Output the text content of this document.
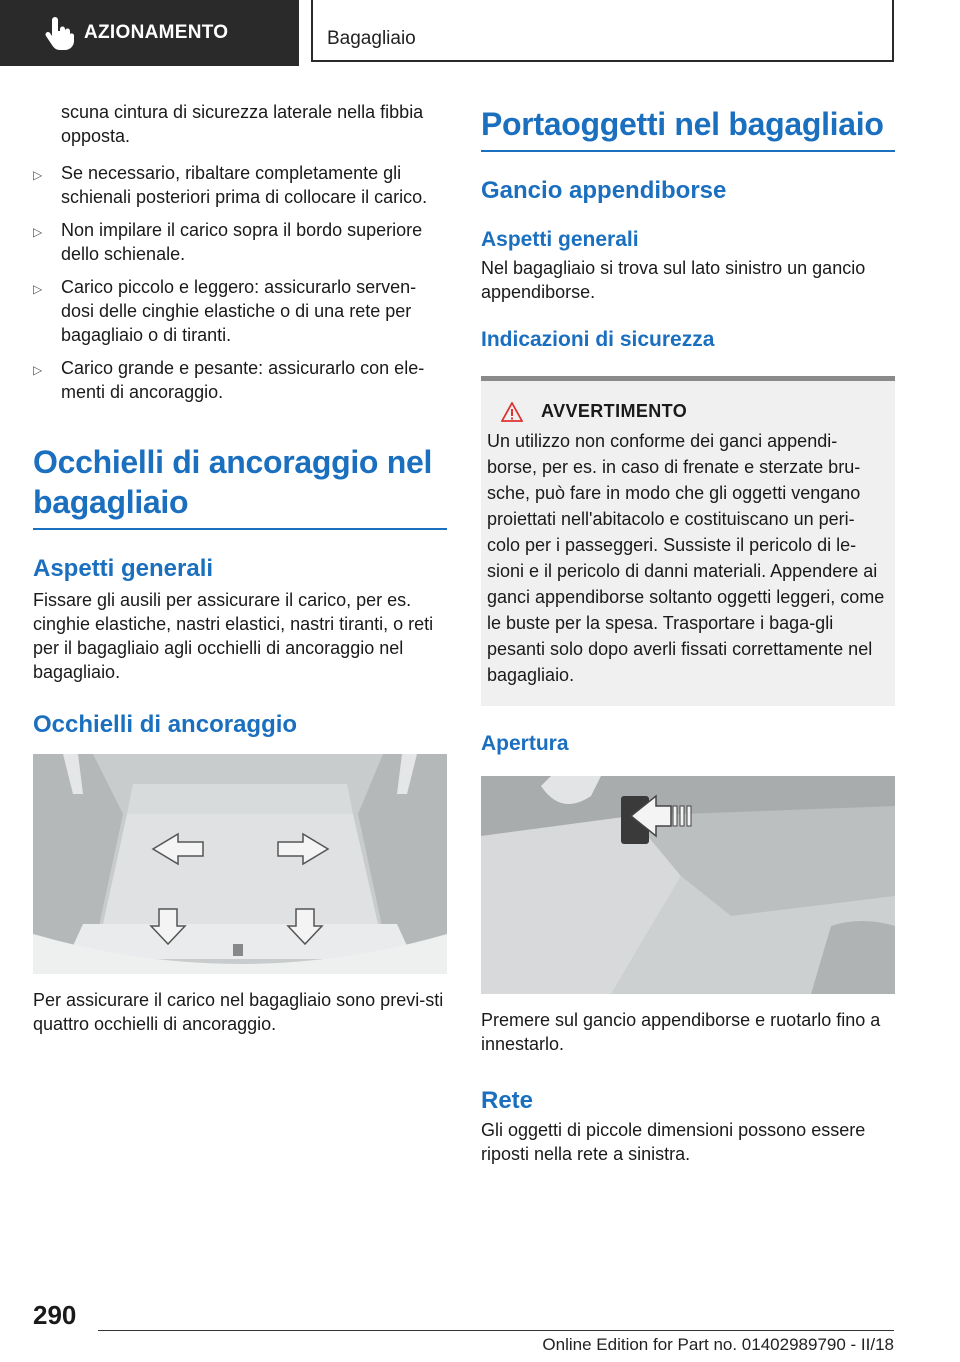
AZIONAMENTO	Bagagliaio

scuna cintura di sicurezza laterale nella fibbia opposta.

▷ Se necessario, ribaltare completamente gli schienali posteriori prima di collocare il carico.
▷ Non impilare il carico sopra il bordo superiore dello schienale.
▷ Carico piccolo e leggero: assicurarlo serven-dosi delle cinghie elastiche o di una rete per bagagliaio o di tiranti.
▷ Carico grande e pesante: assicurarlo con ele-menti di ancoraggio.
Occhielli di ancoraggio nel bagagliaio
Aspetti generali

Fissare gli ausili per assicurare il carico, per es. cinghie elastiche, nastri elastici, nastri tiranti, o reti per il bagagliaio agli occhielli di ancoraggio nel bagagliaio.

Occhielli di ancoraggio

Per assicurare il carico nel bagagliaio sono previ-sti quattro occhielli di ancoraggio.

Portaoggetti nel bagagliaio
Gancio appendiborse
Aspetti generali

Nel bagagliaio si trova sul lato sinistro un gancio appendiborse.

Indicazioni di sicurezza
AVVERTIMENTO

Un utilizzo non conforme dei ganci appendi-borse, per es. in caso di frenate e sterzate bru-sche, può fare in modo che gli oggetti vengano proiettati nell'abitacolo e costituiscano un peri-colo per i passeggeri. Sussiste il pericolo di le-sioni e il pericolo di danni materiali. Appendere ai ganci appendiborse soltanto oggetti leggeri, come le buste per la spesa. Trasportare i baga-gli pesanti solo dopo averli fissati correttamente nel bagagliaio.

Apertura

Premere sul gancio appendiborse e ruotarlo fino a innestarlo.

Rete

Gli oggetti di piccole dimensioni possono essere riposti nella rete a sinistra.

290
Online Edition for Part no. 01402989790 - II/18
